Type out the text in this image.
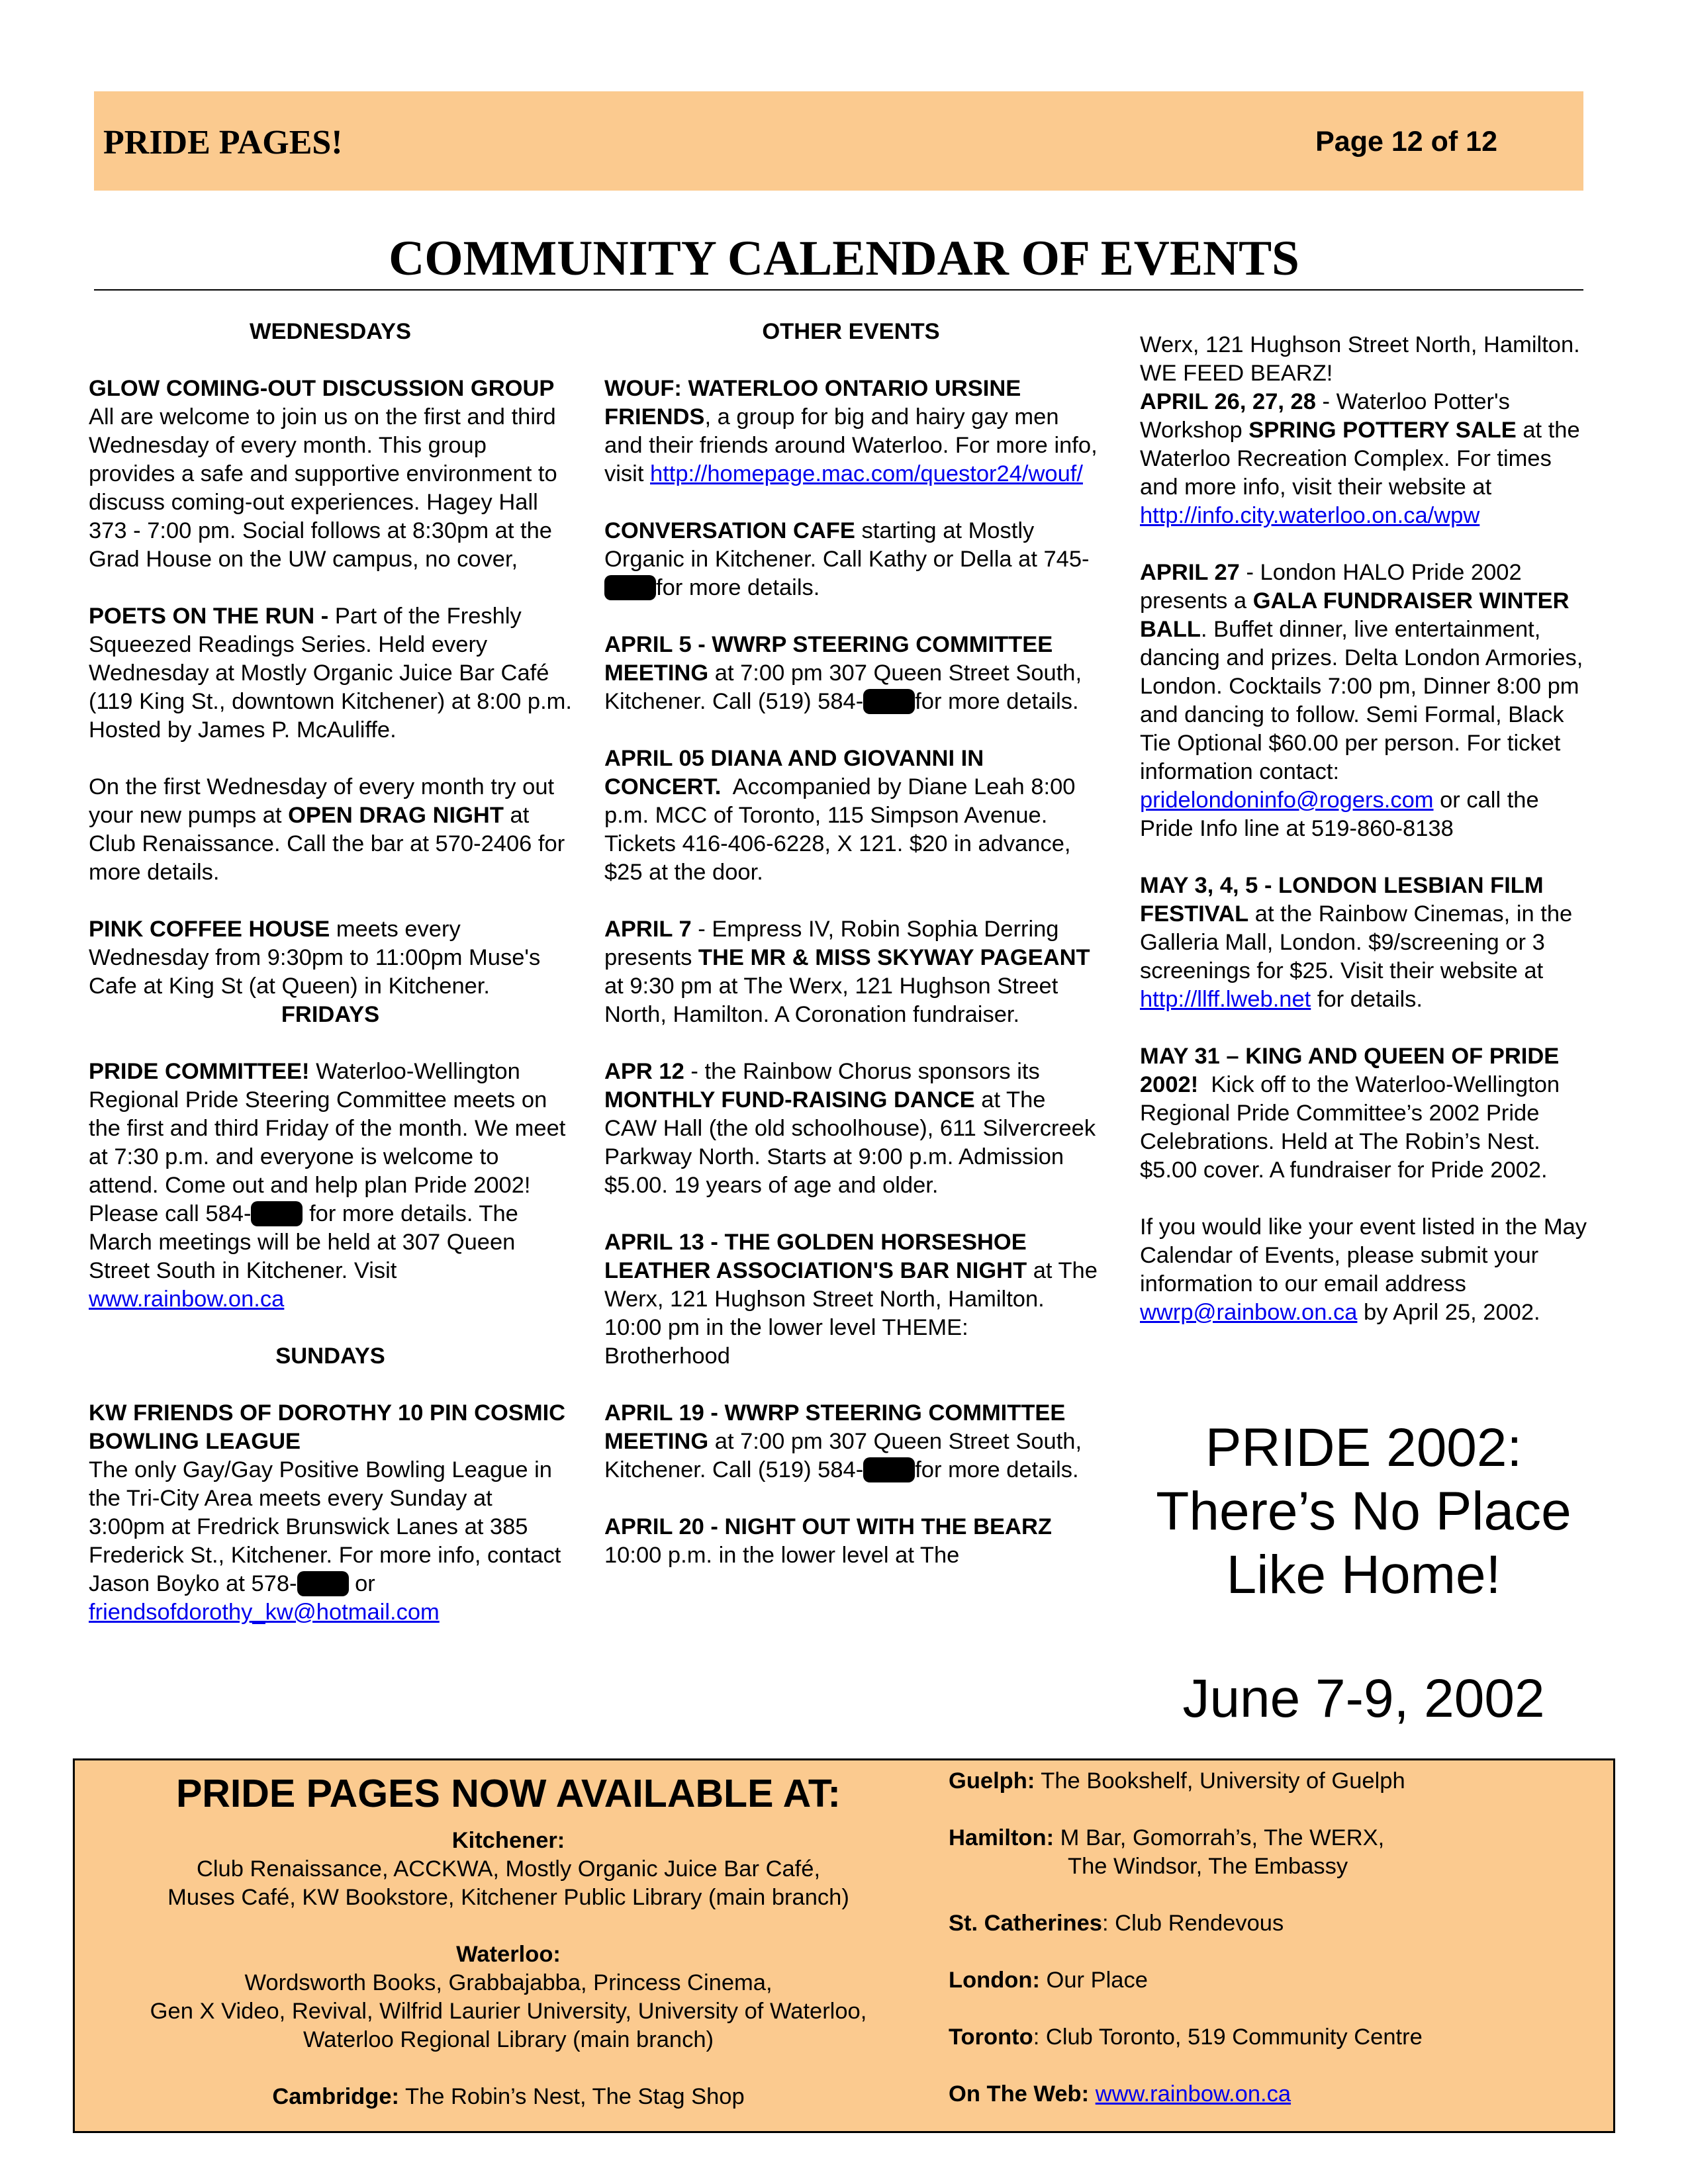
PRIDE PAGES!	Page 12 of 12
COMMUNITY CALENDAR OF EVENTS

WEDNESDAYS

GLOW COMING-OUT DISCUSSION GROUP  All are welcome to join us on the first and third Wednesday of every month. This group provides a safe and supportive environment to discuss coming-out experiences. Hagey Hall 373 - 7:00 pm. Social follows at 8:30pm at the Grad House on the UW campus, no cover,

POETS ON THE RUN - Part of the Freshly Squeezed Readings Series. Held every Wednesday at Mostly Organic Juice Bar Café (119 King St., downtown Kitchener) at 8:00 p.m. Hosted by James P. McAuliffe.

On the first Wednesday of every month try out your new pumps at OPEN DRAG NIGHT at Club Renaissance. Call the bar at 570-2406 for more details.

PINK COFFEE HOUSE meets every Wednesday from 9:30pm to 11:00pm Muse's Cafe at King St (at Queen) in Kitchener.

FRIDAYS

PRIDE COMMITTEE! Waterloo-Wellington Regional Pride Steering Committee meets on the first and third Friday of the month. We meet at 7:30 p.m. and everyone is welcome to attend. Come out and help plan Pride 2002! Please call 584-	for more details. The March meetings will be held at 307 Queen Street South in Kitchener. Visit www.rainbow.on.ca

SUNDAYS

KW FRIENDS OF DOROTHY 10 PIN COSMIC BOWLING LEAGUE
The only Gay/Gay Positive Bowling League in the Tri-City Area meets every Sunday at 3:00pm at Fredrick Brunswick Lanes at 385 Frederick St., Kitchener. For more info, contact Jason Boyko at 578-	or friendsofdorothy_kw@hotmail.com

OTHER EVENTS

WOUF: WATERLOO ONTARIO URSINE FRIENDS, a group for big and hairy gay men and their friends around Waterloo. For more info, visit http://homepage.mac.com/questor24/wouf/

CONVERSATION CAFE starting at Mostly Organic in Kitchener. Call Kathy or Della at 745-for more details.

APRIL 5 - WWRP STEERING COMMITTEE MEETING at 7:00 pm 307 Queen Street South, Kitchener. Call (519) 584- for more details.

APRIL 05 DIANA AND GIOVANNI IN CONCERT. Accompanied by Diane Leah 8:00 p.m. MCC of Toronto, 115 Simpson Avenue. Tickets 416-406-6228, X 121. $20 in advance, $25 at the door.

APRIL 7 - Empress IV, Robin Sophia Derring presents THE MR & MISS SKYWAY PAGEANT at 9:30 pm at The Werx, 121 Hughson Street North, Hamilton. A Coronation fundraiser.

APR 12 - the Rainbow Chorus sponsors its MONTHLY FUND-RAISING DANCE at The CAW Hall (the old schoolhouse), 611 Silvercreek Parkway North. Starts at 9:00 p.m. Admission $5.00. 19 years of age and older.

APRIL 13 - THE GOLDEN HORSESHOE LEATHER ASSOCIATION'S BAR NIGHT at The Werx, 121 Hughson Street North, Hamilton. 10:00 pm in the lower level THEME: Brotherhood

APRIL 19 - WWRP STEERING COMMITTEE MEETING at 7:00 pm 307 Queen Street South, Kitchener. Call (519) 584- for more details.

APRIL 20 - NIGHT OUT WITH THE BEARZ 10:00 p.m. in the lower level at The

Werx, 121 Hughson Street North, Hamilton. WE FEED BEARZ!
APRIL 26, 27, 28 - Waterloo Potter's Workshop SPRING POTTERY SALE at the Waterloo Recreation Complex. For times and more info, visit their website at http://info.city.waterloo.on.ca/wpw

APRIL 27 - London HALO Pride 2002 presents a GALA FUNDRAISER WINTER BALL. Buffet dinner, live entertainment, dancing and prizes. Delta London Armories, London. Cocktails 7:00 pm, Dinner 8:00 pm and dancing to follow. Semi Formal, Black Tie Optional $60.00 per person. For ticket information contact: pridelondoninfo@rogers.com or call the Pride Info line at 519-860-8138

MAY 3, 4, 5 - LONDON LESBIAN FILM FESTIVAL at the Rainbow Cinemas, in the Galleria Mall, London. $9/screening or 3 screenings for $25. Visit their website at http://llff.lweb.net for details.

MAY 31 – KING AND QUEEN OF PRIDE 2002! Kick off to the Waterloo-Wellington Regional Pride Committee’s 2002 Pride Celebrations. Held at The Robin’s Nest. $5.00 cover. A fundraiser for Pride 2002.

If you would like your event listed in the May Calendar of Events, please submit your information to our email address wwrp@rainbow.on.ca by April 25, 2002.

PRIDE 2002:
There’s No Place
Like Home!
June 7-9, 2002
PRIDE PAGES NOW AVAILABLE AT:
Kitchener:
Club Renaissance, ACCKWA, Mostly Organic Juice Bar Café,
Muses Café, KW Bookstore, Kitchener Public Library (main branch)
Waterloo:
Wordsworth Books, Grabbajabba, Princess Cinema,
Gen X Video, Revival, Wilfrid Laurier University, University of Waterloo,
Waterloo Regional Library (main branch)
Cambridge: The Robin’s Nest, The Stag Shop
Guelph: The Bookshelf, University of Guelph
Hamilton: M Bar, Gomorrah’s, The WERX,
The Windsor, The Embassy
St. Catherines: Club Rendevous
London: Our Place
Toronto: Club Toronto, 519 Community Centre
On The Web: www.rainbow.on.ca
